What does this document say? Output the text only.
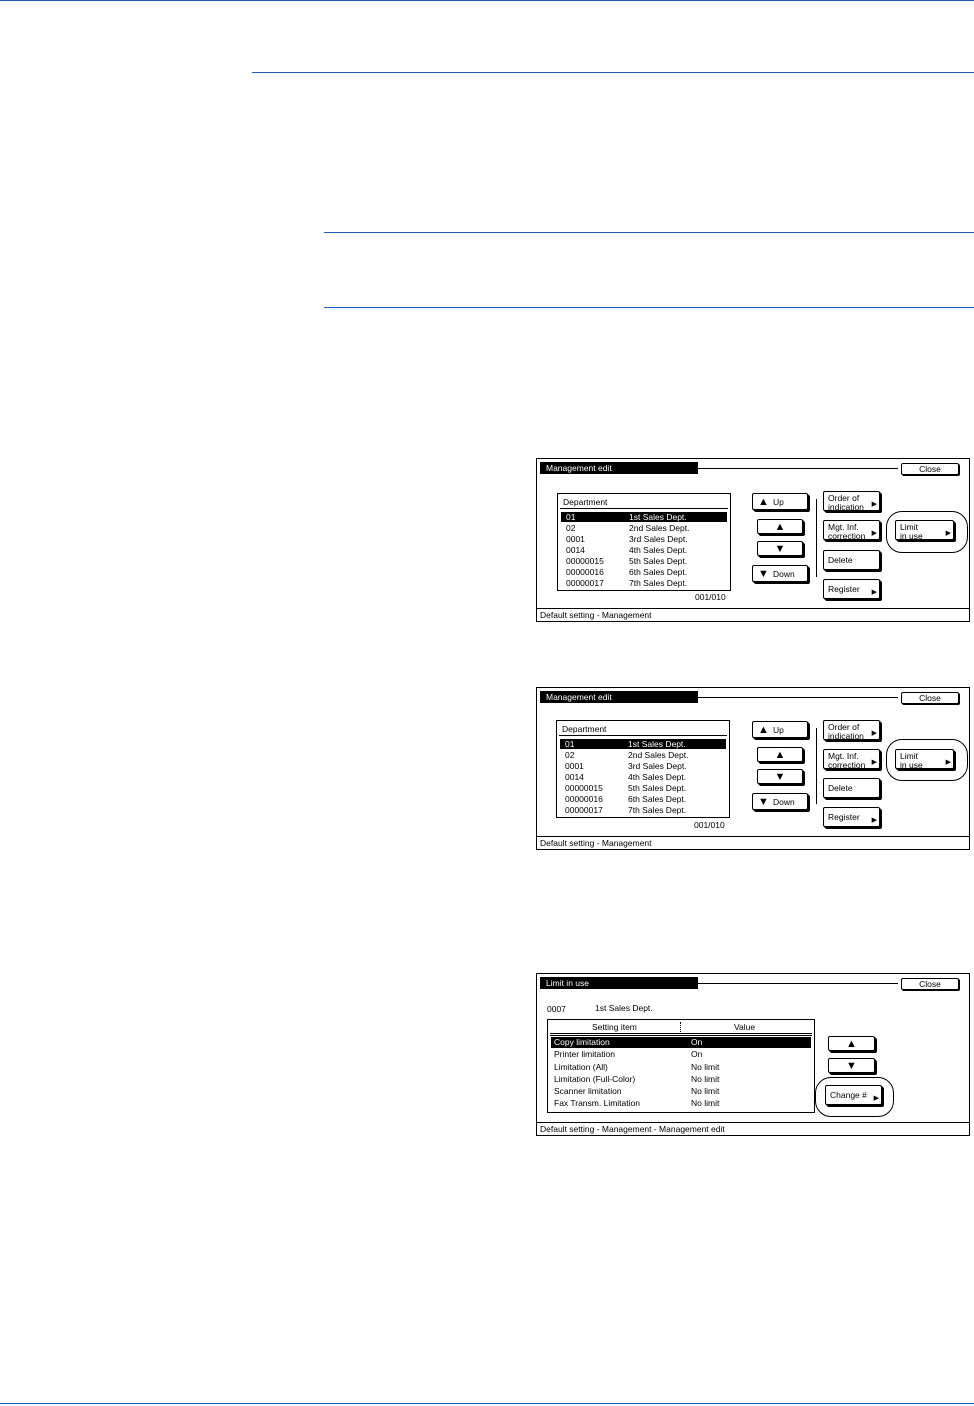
Management edit	Close
Department
01	1st Sales Dept.
02	2nd Sales Dept.
0001	3rd Sales Dept.
0014	4th Sales Dept.
00000015	5th Sales Dept.
00000016	6th Sales Dept.
00000017	7th Sales Dept.
001/010
▲ Up
▲
▼
▼ Down
Order of
indication ▶
Mgt. Inf.
correction ▶
Delete
Register ▶
Limit
in use	▶
Default setting - Management
Management edit	Close
Department
01	1st Sales Dept.
02	2nd Sales Dept.
0001	3rd Sales Dept.
0014	4th Sales Dept.
00000015	5th Sales Dept.
00000016	6th Sales Dept.
00000017	7th Sales Dept.
001/010
▲ Up
▲
▼
▼ Down
Order of
indication ▶
Mgt. Inf.
correction ▶
Delete
Register ▶
Limit
in use	▶
Default setting - Management
Limit in use	Close
0007	1st Sales Dept.
Setting item	Value
Copy limitation	On
Printer limitation	On
Limitation (All)	No limit
Limitation (Full-Color)	No limit
Scanner limitation	No limit
Fax Transm. Limitation	No limit
▲
▼
Change # ▶
Default setting - Management - Management edit
